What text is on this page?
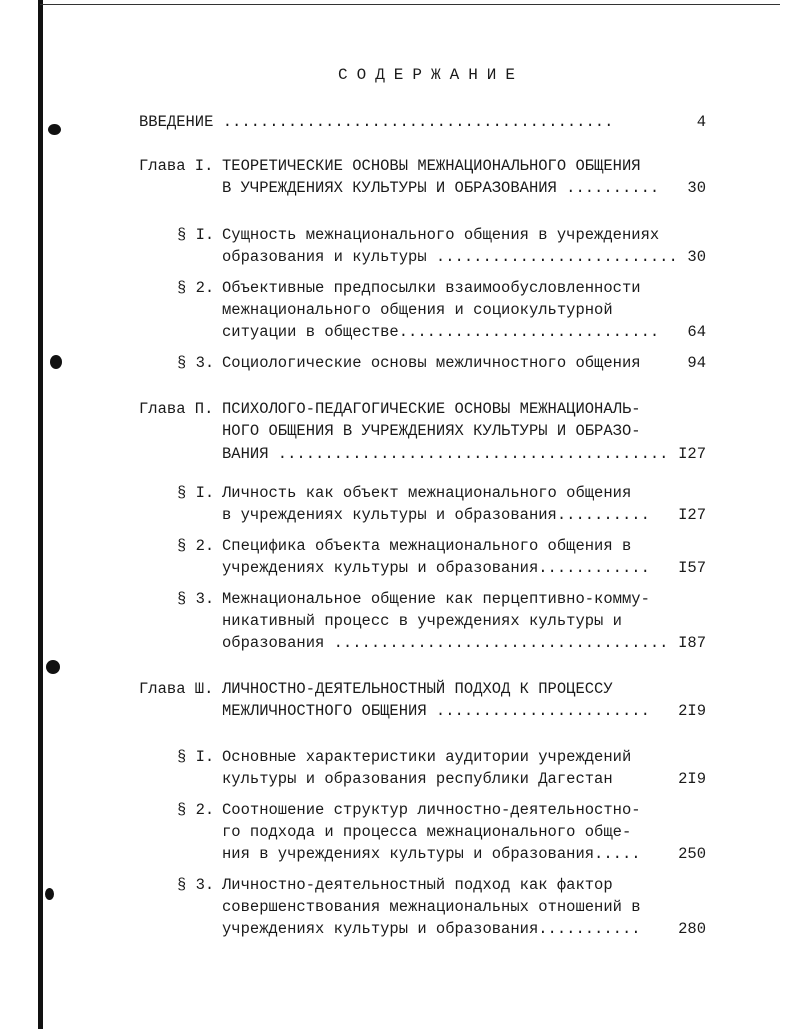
СОДЕРЖАНИЕ
ВВЕДЕНИЕ ..........................................	4
Глава I. ТЕОРЕТИЧЕСКИЕ ОСНОВЫ МЕЖНАЦИОНАЛЬНОГО ОБЩЕНИЯ
В УЧРЕЖДЕНИЯХ КУЛЬТУРЫ И ОБРАЗОВАНИЯ ..........	30
§ I. Сущность межнационального общения в учреждениях
образования и культуры .......................... 30
§ 2. Объективные предпосылки взаимообусловленности
межнационального общения и социокультурной
ситуации в обществе............................	64
§ 3. Социологические основы межличностного общения	94
Глава П. ПСИХОЛОГО-ПЕДАГОГИЧЕСКИЕ ОСНОВЫ МЕЖНАЦИОНАЛЬ-
НОГО ОБЩЕНИЯ В УЧРЕЖДЕНИЯХ КУЛЬТУРЫ И ОБРАЗО-
ВАНИЯ .......................................... I27
§ I. Личность как объект межнационального общения
в учреждениях культуры и образования..........	I27
§ 2. Специфика объекта межнационального общения в
учреждениях культуры и образования............	I57
§ 3. Межнациональное общение как перцептивно-комму-
никативный процесс в учреждениях культуры и
образования .................................... I87
Глава Ш. ЛИЧНОСТНО-ДЕЯТЕЛЬНОСТНЫЙ ПОДХОД К ПРОЦЕССУ
МЕЖЛИЧНОСТНОГО ОБЩЕНИЯ .......................	2I9
§ I. Основные характеристики аудитории учреждений
культуры и образования республики Дагестан	2I9
§ 2. Соотношение структур личностно-деятельностно-
го подхода и процесса межнационального обще-
ния в учреждениях культуры и образования.....	250
§ 3. Личностно-деятельностный подход как фактор
совершенствования межнациональных отношений в
учреждениях культуры и образования...........	280
